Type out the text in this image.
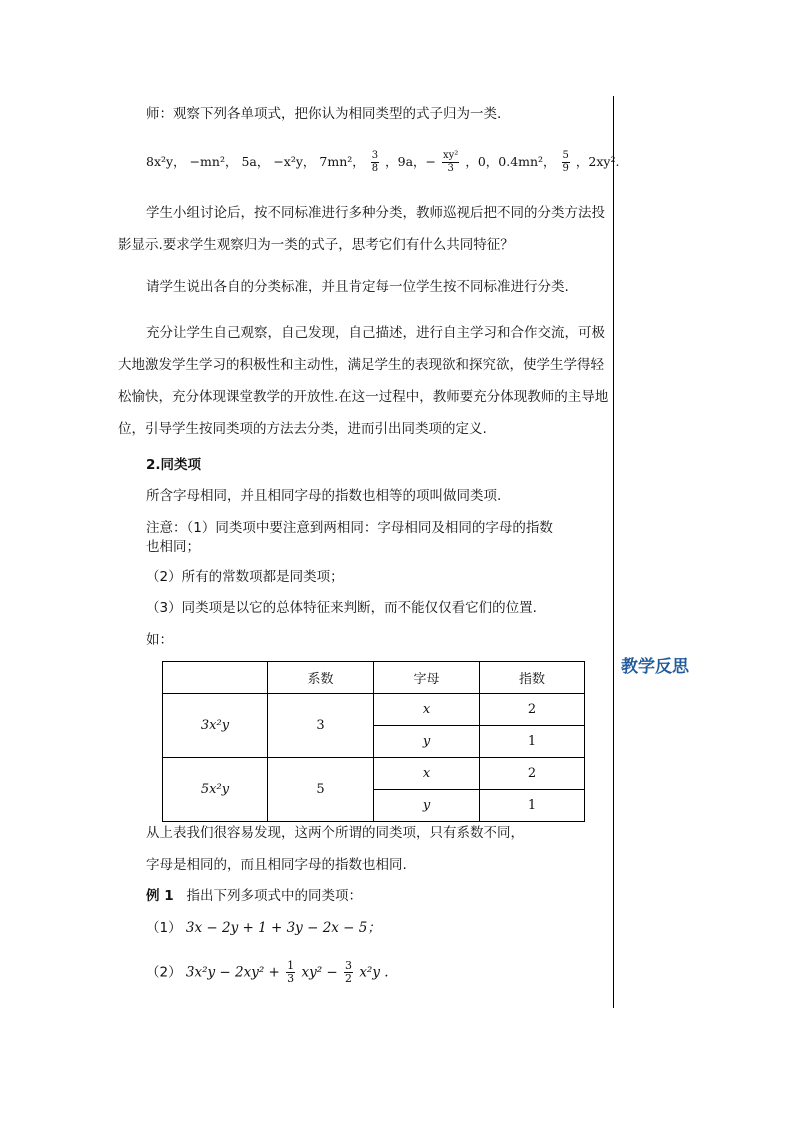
教学反思
师：观察下列各单项式，把你认为相同类型的式子归为一类.
8x²y， −mn²， 5a， −x²y， 7mn²， $\frac{3}{8}$ ，9a，− $\frac{\text{xy²}}{3}$ ，0，0.4mn²， $\frac{5}{9}$ ，2xy².
学生小组讨论后，按不同标准进行多种分类，教师巡视后把不同的分类方法投影显示.要求学生观察归为一类的式子，思考它们有什么共同特征？
请学生说出各自的分类标准，并且肯定每一位学生按不同标准进行分类.
充分让学生自己观察，自己发现，自己描述，进行自主学习和合作交流，可极大地激发学生学习的积极性和主动性，满足学生的表现欲和探究欲，使学生学得轻松愉快，充分体现课堂教学的开放性.在这一过程中，教师要充分体现教师的主导地位，引导学生按同类项的方法去分类，进而引出同类项的定义.
2.同类项
所含字母相同，并且相同字母的指数也相等的项叫做同类项.
注意：（1）同类项中要注意到两相同：字母相同及相同的字母的指数
也相同；
（2）所有的常数项都是同类项；
（3）同类项是以它的总体特征来判断，而不能仅仅看它们的位置.
如：
	系数	字母	指数
3x²y	3	x	2
		y	1
5x²y	5	x	2
		y	1
从上表我们很容易发现，这两个所谓的同类项，只有系数不同，
字母是相同的，而且相同字母的指数也相同.
例 1 指出下列多项式中的同类项：
（1） 3x − 2y + 1 + 3y − 2x − 5；
（2） $3x^2y - 2xy^2 + \frac{1}{3} xy^2 - \frac{3}{2} x^2y$ .
